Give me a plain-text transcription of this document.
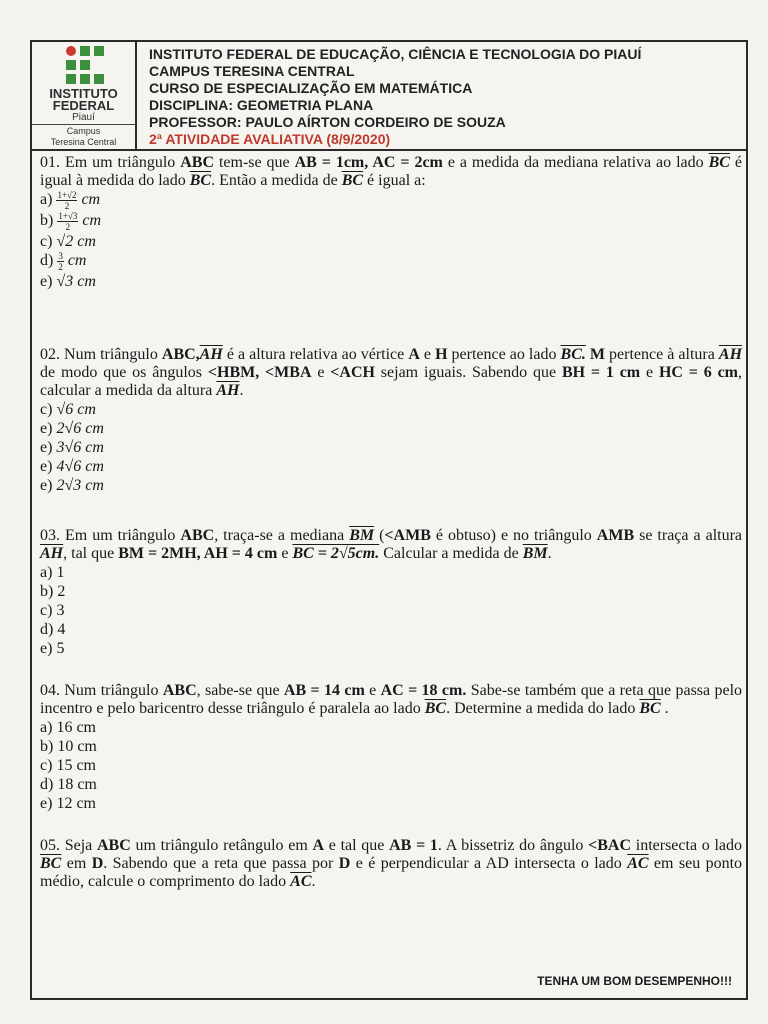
INSTITUTO
FEDERAL
Piauí
Campus
Teresina Central
INSTITUTO FEDERAL DE EDUCAÇÃO, CIÊNCIA E TECNOLOGIA DO PIAUÍ
CAMPUS TERESINA CENTRAL
CURSO DE ESPECIALIZAÇÃO EM MATEMÁTICA
DISCIPLINA: GEOMETRIA PLANA
PROFESSOR: PAULO AÍRTON CORDEIRO DE SOUZA
2ª ATIVIDADE AVALIATIVA (8/9/2020)

01. Em um triângulo ABC tem-se que AB = 1cm, AC = 2cm e a medida da mediana relativa ao lado $\overline{BC}$ é igual à medida do lado $\overline{BC}$. Então a medida de $\overline{BC}$ é igual a:

$a) \frac{1+√2}{2}$ cm
$b) \frac{1+√3}{2}$ cm
c) √2 cm
$d) \frac{3}{2}$ cm
e) √3 cm

02. Num triângulo $ABC,\overline{AH}$ é a altura relativa ao vértice A e H pertence ao lado BC. M pertence à altura $\overline{AH}$ de modo que os ângulos <HBM, <MBA e <ACH sejam iguais. Sabendo que BH = 1 cm e HC = 6 cm, calcular a medida da altura $\overline{AH}$.

c) √6 cm
e) 2√6 cm
e) 3√6 cm
e) 4√6 cm
e) 2√3 cm

03. Em um triângulo ABC, traça-se a mediana $\overline{BM}$ (<AMB é obtuso) e no triângulo AMB se traça a altura $\overline{AH}$, tal que BM = 2MH, AH = 4 cm e BC = 2√5cm. Calcular a medida de $\overline{BM}$.

a) 1
b) 2
c) 3
d) 4
e) 5

04. Num triângulo ABC, sabe-se que AB = 14 cm e AC = 18 cm. Sabe-se também que a reta que passa pelo incentro e pelo baricentro desse triângulo é paralela ao lado $\overline{BC}$. Determine a medida do lado $\overline{BC}$ .

a) 16 cm
b) 10 cm
c) 15 cm
d) 18 cm
e) 12 cm

05. Seja ABC um triângulo retângulo em A e tal que AB = 1. A bissetriz do ângulo <BAC intersecta o lado $\overline{BC}$ em D. Sabendo que a reta que passa por D e é perpendicular a AD intersecta o lado $\overline{AC}$ em seu ponto médio, calcule o comprimento do lado $\overline{AC}$.

TENHA UM BOM DESEMPENHO!!!
